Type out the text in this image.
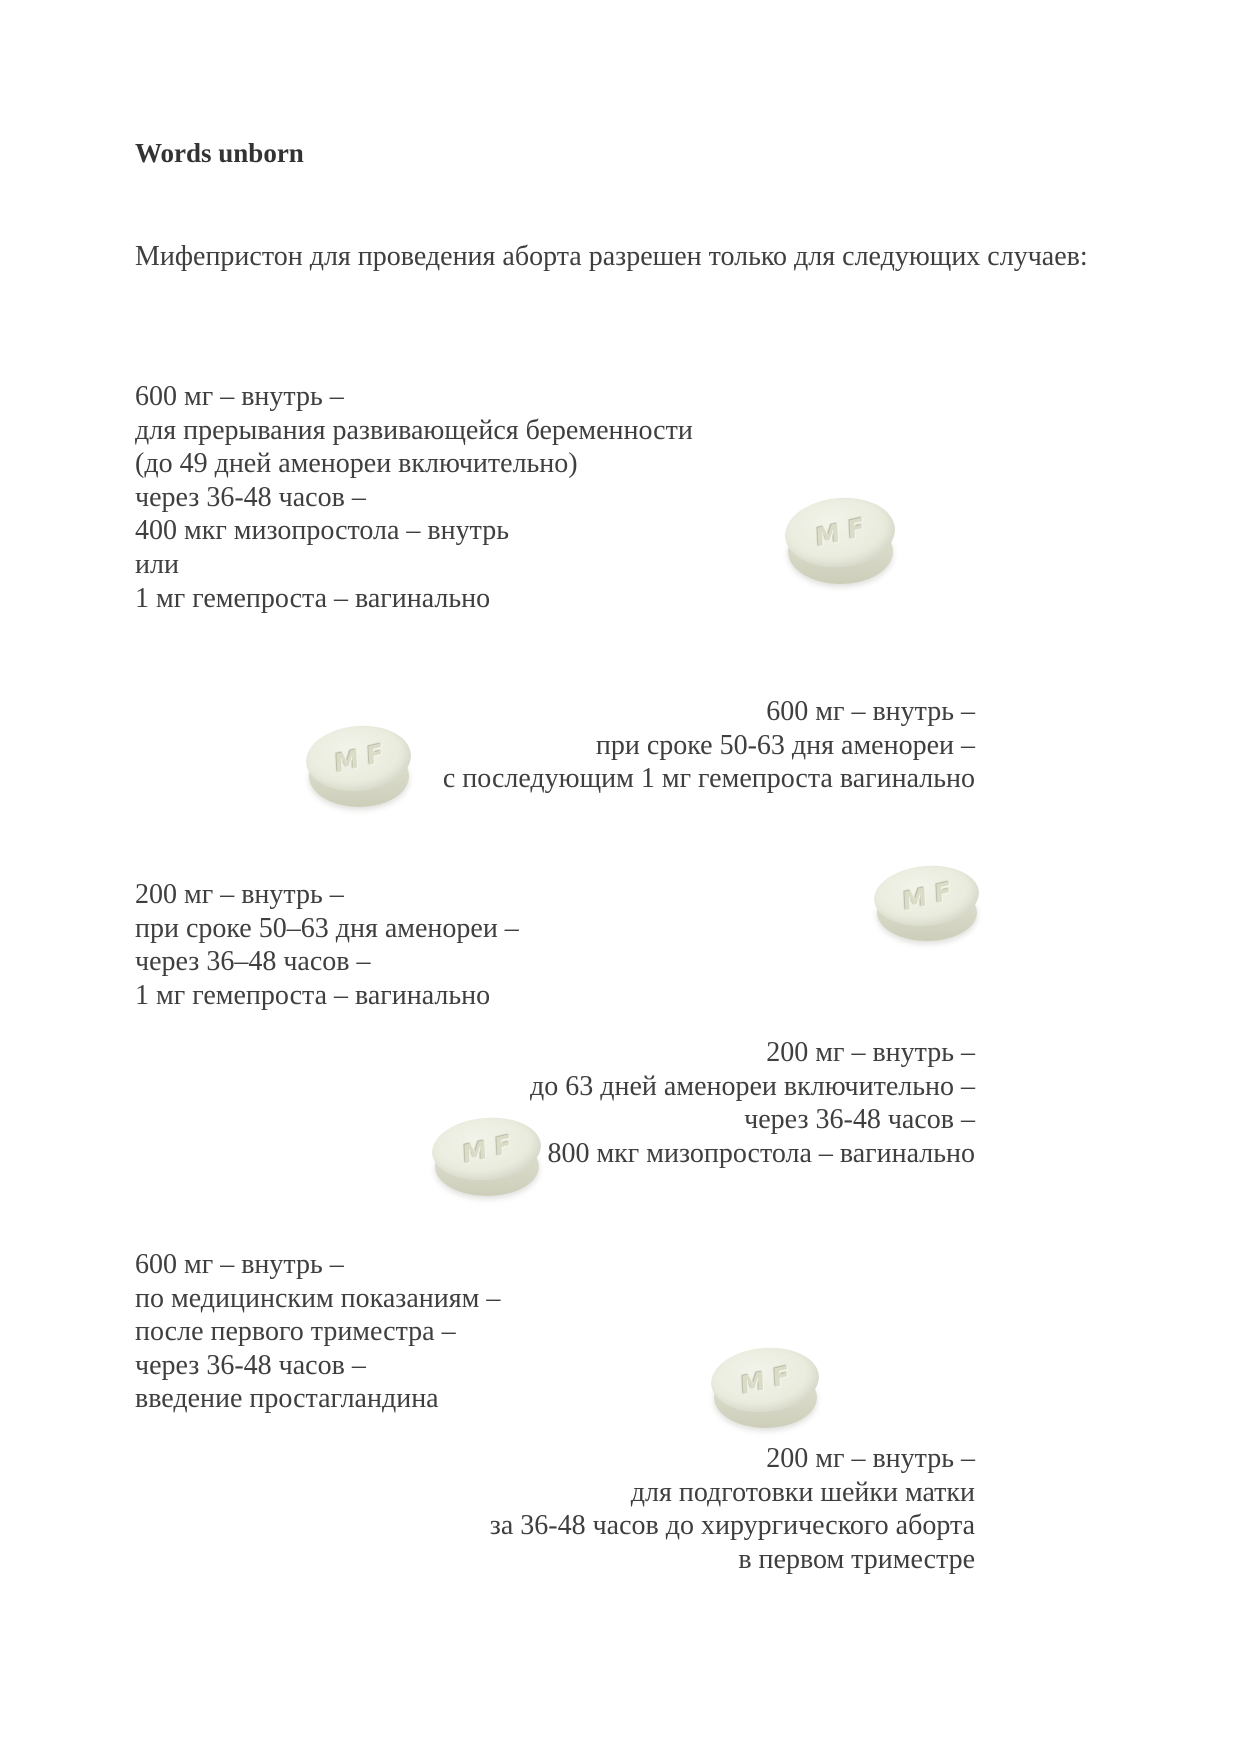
Words unborn
Мифепристон для проведения аборта разрешен только для следующих случаев:
600 мг – внутрь –
для прерывания развивающейся беременности
(до 49 дней аменореи включительно)
через 36-48 часов –
400 мкг мизопростола – внутрь
или
1 мг гемепроста – вагинально
MF
600 мг – внутрь –
при сроке 50-63 дня аменореи –
с последующим 1 мг гемепроста вагинально
MF
200 мг – внутрь –
при сроке 50–63 дня аменореи –
через 36–48 часов –
1 мг гемепроста – вагинально
MF
200 мг – внутрь –
до 63 дней аменореи включительно –
через 36-48 часов –
800 мкг мизопростола – вагинально
MF
600 мг – внутрь –
по медицинским показаниям –
после первого триместра –
через 36-48 часов –
введение простагландина	MF
200 мг – внутрь –
для подготовки шейки матки
за 36-48 часов до хирургического аборта
в первом триместре
